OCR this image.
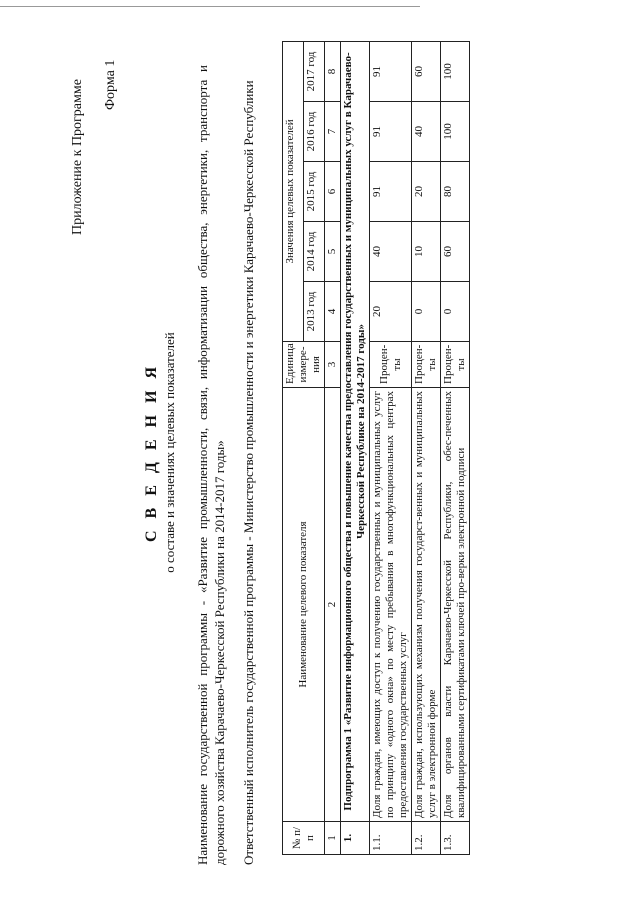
Приложение к Программе Форма 1
С В Е Д Е Н И Я о составе и значениях целевых показателей Наименование государственной программы - «Развитие промышленности, связи, информатизации общества, энергетики, транспорта и дорожного хозяйства Карачаево-Черкесской Республики на 2014-2017 годы» Ответственный исполнитель государственной программы - Министерство промышленности и энергетики Карачаево-Черкесской Республики	№ п/п	Наименование целевого показателя	Единица измере-ния	Значения целевых показателей				
			2013 год	2014 год	2015 год	2016 год	2017 год
1	2	3	4	5	6	7	8
1.	Подпрограмма 1 «Развитие информационного общества и повышение качества предоставления государственных и муниципальных услуг в Карачаево-Черкесской Республике на 2014-2017 годы»						
1.1.	Доля граждан, имеющих доступ к получению государственных и муниципальных услуг по принципу «одного окна» по месту пребывания в многофункциональных центрах предоставления государственных услуг	Процен-ты	20	40	91	91	91
1.2.	Доля граждан, использующих механизм получения государст-венных и муниципальных услуг в электронной форме	Процен-ты	0	10	20	40	60
1.3.	Доля органов власти Карачаево-Черкесской Республики, обес-печенных квалифицированными сертификатами ключей про-верки электронной подписи	Процен-ты	0	60	80	100	100
